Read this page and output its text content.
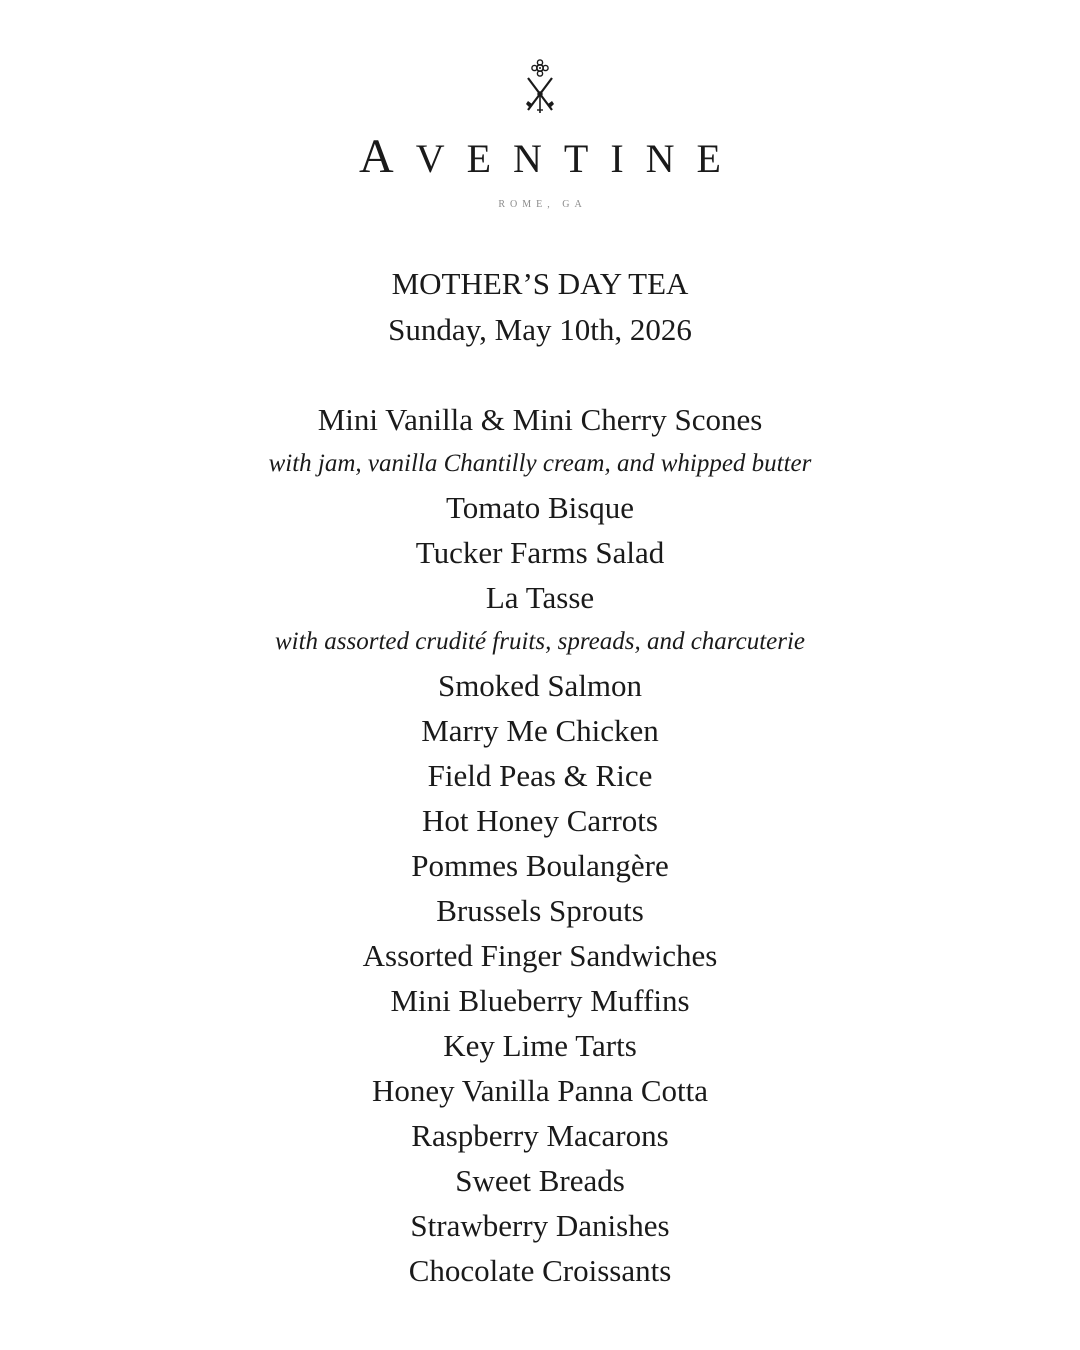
AVENTINE
ROME, GA
MOTHER’S DAY TEA
Sunday, May 10th, 2026
Mini Vanilla & Mini Cherry Scones
with jam, vanilla Chantilly cream, and whipped butter
Tomato Bisque
Tucker Farms Salad
La Tasse
with assorted crudité fruits, spreads, and charcuterie
Smoked Salmon
Marry Me Chicken
Field Peas & Rice
Hot Honey Carrots
Pommes Boulangère
Brussels Sprouts
Assorted Finger Sandwiches
Mini Blueberry Muffins
Key Lime Tarts
Honey Vanilla Panna Cotta
Raspberry Macarons
Sweet Breads
Strawberry Danishes
Chocolate Croissants
